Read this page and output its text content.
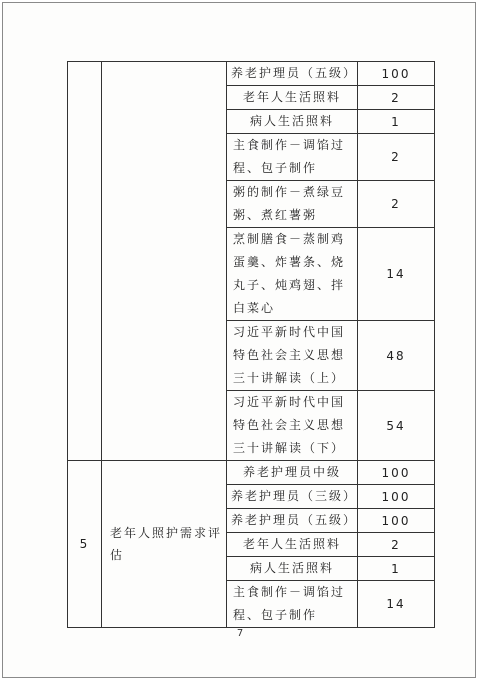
		养老护理员（五级）	100
		老年人生活照料	2
		病人生活照料	1
		主食制作－调馅过程、包子制作	2
		粥的制作－煮绿豆粥、煮红薯粥	2
		烹制膳食－蒸制鸡蛋羹、炸薯条、烧丸子、炖鸡翅、拌白菜心	14
		习近平新时代中国特色社会主义思想三十讲解读（上）	48
		习近平新时代中国特色社会主义思想三十讲解读（下）	54
5	老年人照护需求评估	养老护理员中级	100
		养老护理员（三级）	100
		养老护理员（五级）	100
		老年人生活照料	2
		病人生活照料	1
		主食制作－调馅过程、包子制作	14
7
